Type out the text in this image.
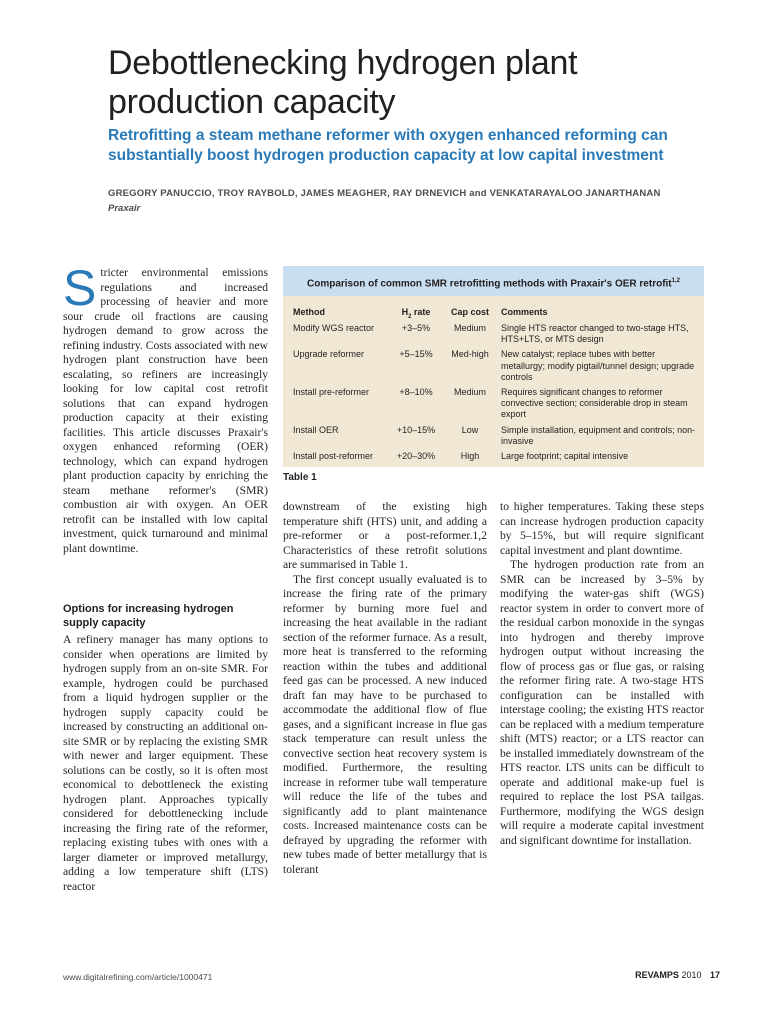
Debottlenecking hydrogen plant production capacity
Retrofitting a steam methane reformer with oxygen enhanced reforming can substantially boost hydrogen production capacity at low capital investment
GREGORY PANUCCIO, TROY RAYBOLD, JAMES MEAGHER, RAY DRNEVICH and VENKATARAYALOO JANARTHANAN
Praxair
S tricter environmental emissions regulations and increased processing of heavier and more sour crude oil fractions are causing hydrogen demand to grow across the refining industry. Costs associated with new hydrogen plant construction have been escalating, so refiners are increasingly looking for low capital cost retrofit solutions that can expand hydrogen production capacity at their existing facilities. This article discusses Praxair's oxygen enhanced reforming (OER) technology, which can expand hydrogen plant production capacity by enriching the steam methane reformer's (SMR) combustion air with oxygen. An OER retrofit can be installed with low capital investment, quick turnaround and minimal plant downtime.

Options for increasing hydrogen supply capacity

A refinery manager has many options to consider when operations are limited by hydrogen supply from an on-site SMR. For example, hydrogen could be purchased from a liquid hydrogen supplier or the hydrogen supply capacity could be increased by constructing an additional on-site SMR or by replacing the existing SMR with newer and larger equipment. These solutions can be costly, so it is often most economical to debottleneck the existing hydrogen plant. Approaches typically considered for debottlenecking include increasing the firing rate of the reformer, replacing existing tubes with ones with a larger diameter or improved metallurgy, adding a low temperature shift (LTS) reactor

Comparison of common SMR retrofitting methods with Praxair's OER retrofit$^{1,2}$
Method	$H_2$ rate	Cap cost	Comments
Modify WGS reactor	+3–5%	Medium	Single HTS reactor changed to two-stage HTS, HTS+LTS, or MTS design
Upgrade reformer	+5–15%	Med-high	New catalyst; replace tubes with better metallurgy; modify pigtail/tunnel design; upgrade controls
Install pre-reformer	+8–10%	Medium	Requires significant changes to reformer convective section; considerable drop in steam export
Install OER	+10–15%	Low	Simple installation, equipment and controls; non-invasive
Install post-reformer	+20–30%	High	Large footprint; capital intensive
Table 1

downstream of the existing high temperature shift (HTS) unit, and adding a pre-reformer or a post-reformer.1,2 Characteristics of these retrofit solutions are summarised in Table 1.

The first concept usually evaluated is to increase the firing rate of the primary reformer by burning more fuel and increasing the heat available in the radiant section of the reformer furnace. As a result, more heat is transferred to the reforming reaction within the tubes and additional feed gas can be processed. A new induced draft fan may have to be purchased to accommodate the additional flow of flue gases, and a significant increase in flue gas stack temperature can result unless the convective section heat recovery system is modified. Furthermore, the resulting increase in reformer tube wall temperature will reduce the life of the tubes and significantly add to plant maintenance costs. Increased maintenance costs can be defrayed by upgrading the reformer with new tubes made of better metallurgy that is tolerant

to higher temperatures. Taking these steps can increase hydrogen production capacity by 5–15%, but will require significant capital investment and plant downtime.

The hydrogen production rate from an SMR can be increased by 3–5% by modifying the water-gas shift (WGS) reactor system in order to convert more of the residual carbon monoxide in the syngas into hydrogen and thereby improve hydrogen output without increasing the flow of process gas or flue gas, or raising the reformer firing rate. A two-stage HTS configuration can be installed with interstage cooling; the existing HTS reactor can be replaced with a medium temperature shift (MTS) reactor; or a LTS reactor can be installed immediately downstream of the HTS reactor. LTS units can be difficult to operate and additional make-up fuel is required to replace the lost PSA tailgas. Furthermore, modifying the WGS design will require a moderate capital investment and significant downtime for installation.

www.digitalrefining.com/article/1000471	REVAMPS 2010 17
